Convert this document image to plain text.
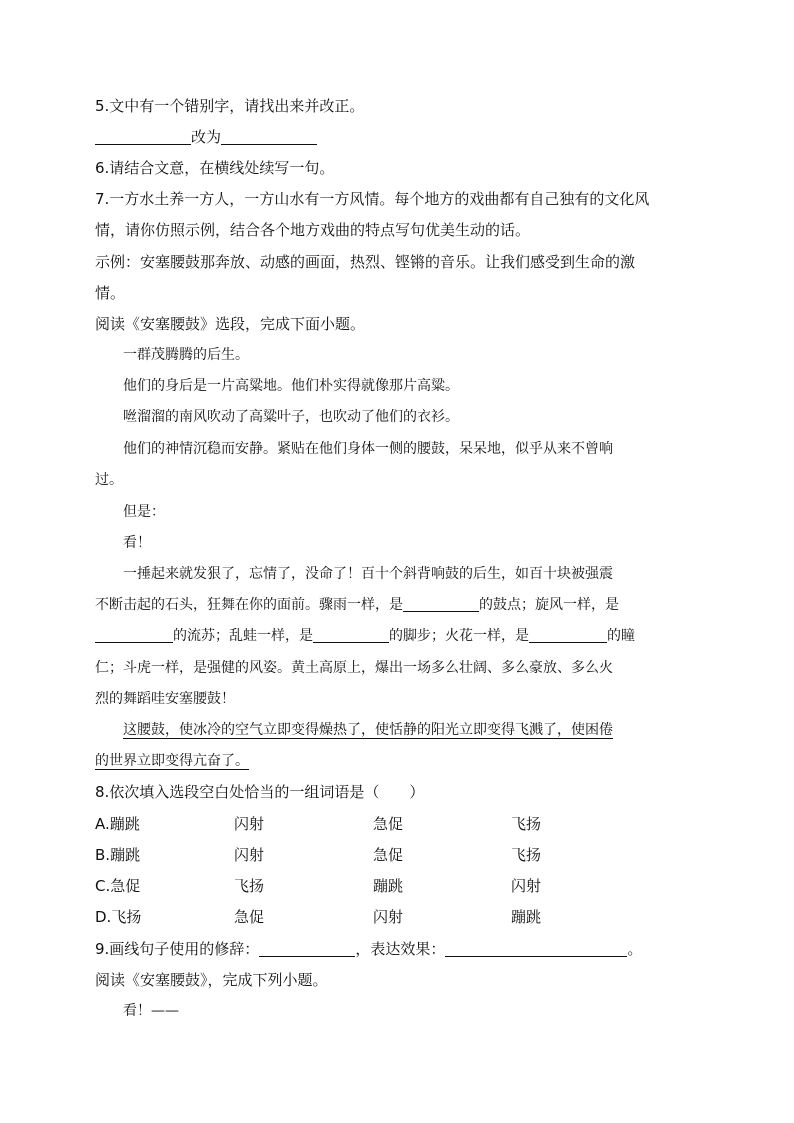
5.文中有一个错别字，请找出来并改正。
改为
6.请结合文意，在横线处续写一句。
7.一方水土养一方人，一方山水有一方风情。每个地方的戏曲都有自己独有的文化风
情，请你仿照示例，结合各个地方戏曲的特点写句优美生动的话。
示例：安塞腰鼓那奔放、动感的画面，热烈、铿锵的音乐。让我们感受到生命的激
情。
阅读《安塞腰鼓》选段，完成下面小题。
一群茂腾腾的后生。
他们的身后是一片高粱地。他们朴实得就像那片高粱。
咝溜溜的南风吹动了高粱叶子，也吹动了他们的衣衫。
他们的神情沉稳而安静。紧贴在他们身体一侧的腰鼓，呆呆地，似乎从来不曾响
过。
但是：
看！
一捶起来就发狠了，忘情了，没命了！百十个斜背响鼓的后生，如百十块被强震
不断击起的石头，狂舞在你的面前。骤雨一样，是	的鼓点；旋风一样，是
的流苏；乱蛙一样，是	的脚步；火花一样，是	的瞳
仁；斗虎一样，是强健的风姿。黄土高原上，爆出一场多么壮阔、多么豪放、多么火
烈的舞蹈哇安塞腰鼓！
这腰鼓，使冰冷的空气立即变得燥热了，使恬静的阳光立即变得飞溅了，使困倦
的世界立即变得亢奋了。
8.依次填入选段空白处恰当的一组词语是（　　）
A.蹦跳	闪射	急促	飞扬
B.蹦跳	闪射	急促	飞扬
C.急促	飞扬	蹦跳	闪射
D.飞扬	急促	闪射	蹦跳
9.画线句子使用的修辞：	，表达效果：	。
阅读《安塞腰鼓》，完成下列小题。
看！——
